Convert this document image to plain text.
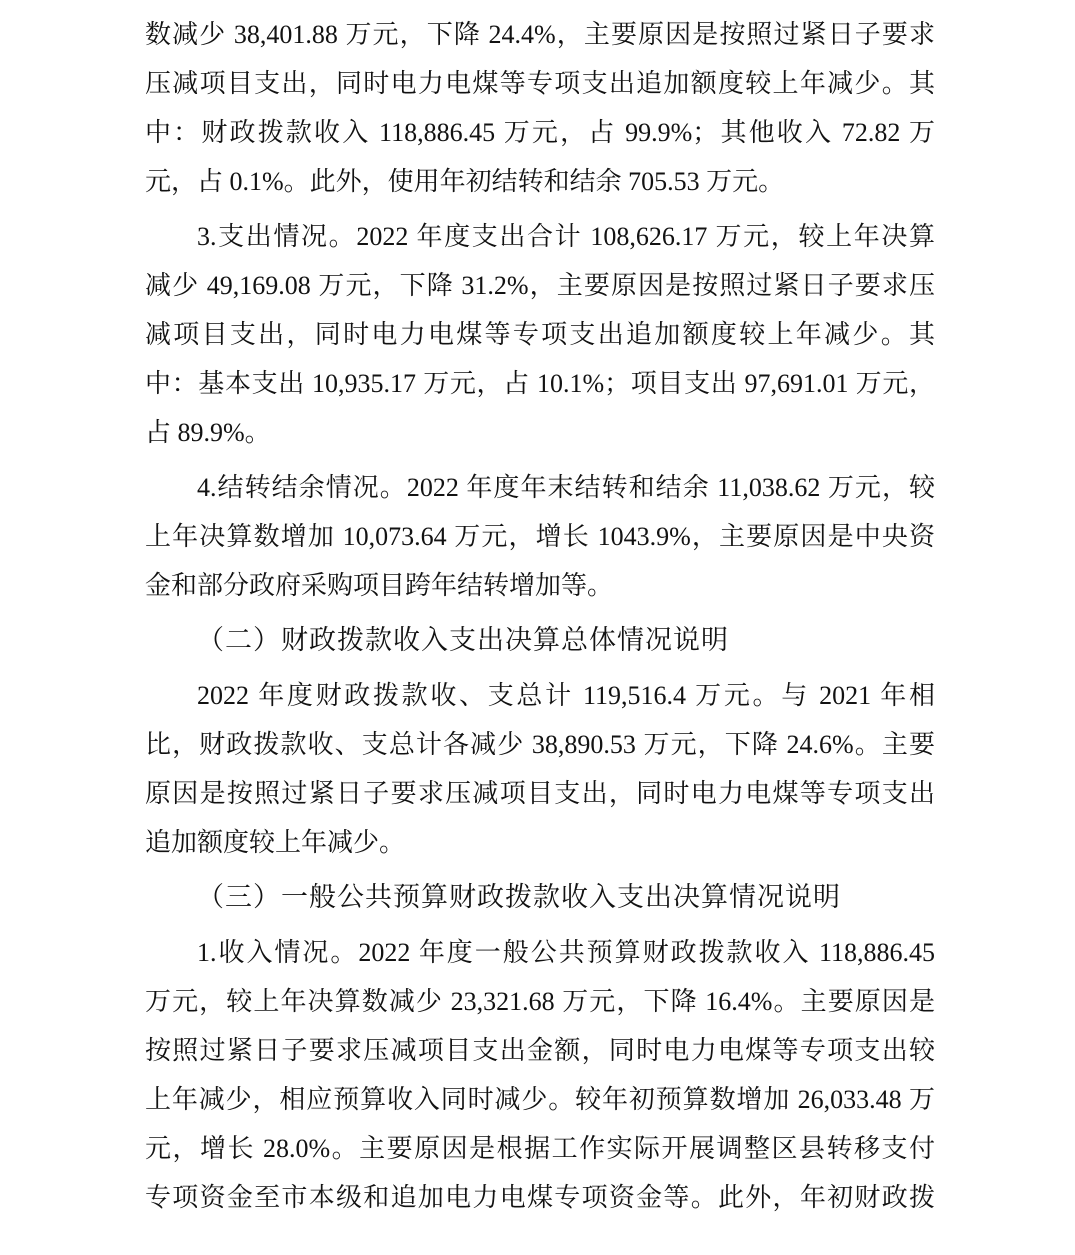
数减少 38,401.88 万元，下降 24.4%，主要原因是按照过紧日子要求
压减项目支出，同时电力电煤等专项支出追加额度较上年减少。其
中：财政拨款收入 118,886.45 万元，占 99.9%；其他收入 72.82 万
元，占 0.1%。此外，使用年初结转和结余 705.53 万元。
3.支出情况。2022 年度支出合计 108,626.17 万元，较上年决算
减少 49,169.08 万元，下降 31.2%，主要原因是按照过紧日子要求压
减项目支出，同时电力电煤等专项支出追加额度较上年减少。其
中：基本支出 10,935.17 万元，占 10.1%；项目支出 97,691.01 万元，
占 89.9%。
4.结转结余情况。2022 年度年末结转和结余 11,038.62 万元，较
上年决算数增加 10,073.64 万元，增长 1043.9%，主要原因是中央资
金和部分政府采购项目跨年结转增加等。
（二）财政拨款收入支出决算总体情况说明
2022 年度财政拨款收、支总计 119,516.4 万元。与 2021 年相
比，财政拨款收、支总计各减少 38,890.53 万元，下降 24.6%。主要
原因是按照过紧日子要求压减项目支出，同时电力电煤等专项支出
追加额度较上年减少。
（三）一般公共预算财政拨款收入支出决算情况说明
1.收入情况。2022 年度一般公共预算财政拨款收入 118,886.45
万元，较上年决算数减少 23,321.68 万元，下降 16.4%。主要原因是
按照过紧日子要求压减项目支出金额，同时电力电煤等专项支出较
上年减少，相应预算收入同时减少。较年初预算数增加 26,033.48 万
元，增长 28.0%。主要原因是根据工作实际开展调整区县转移支付
专项资金至市本级和追加电力电煤专项资金等。此外，年初财政拨
